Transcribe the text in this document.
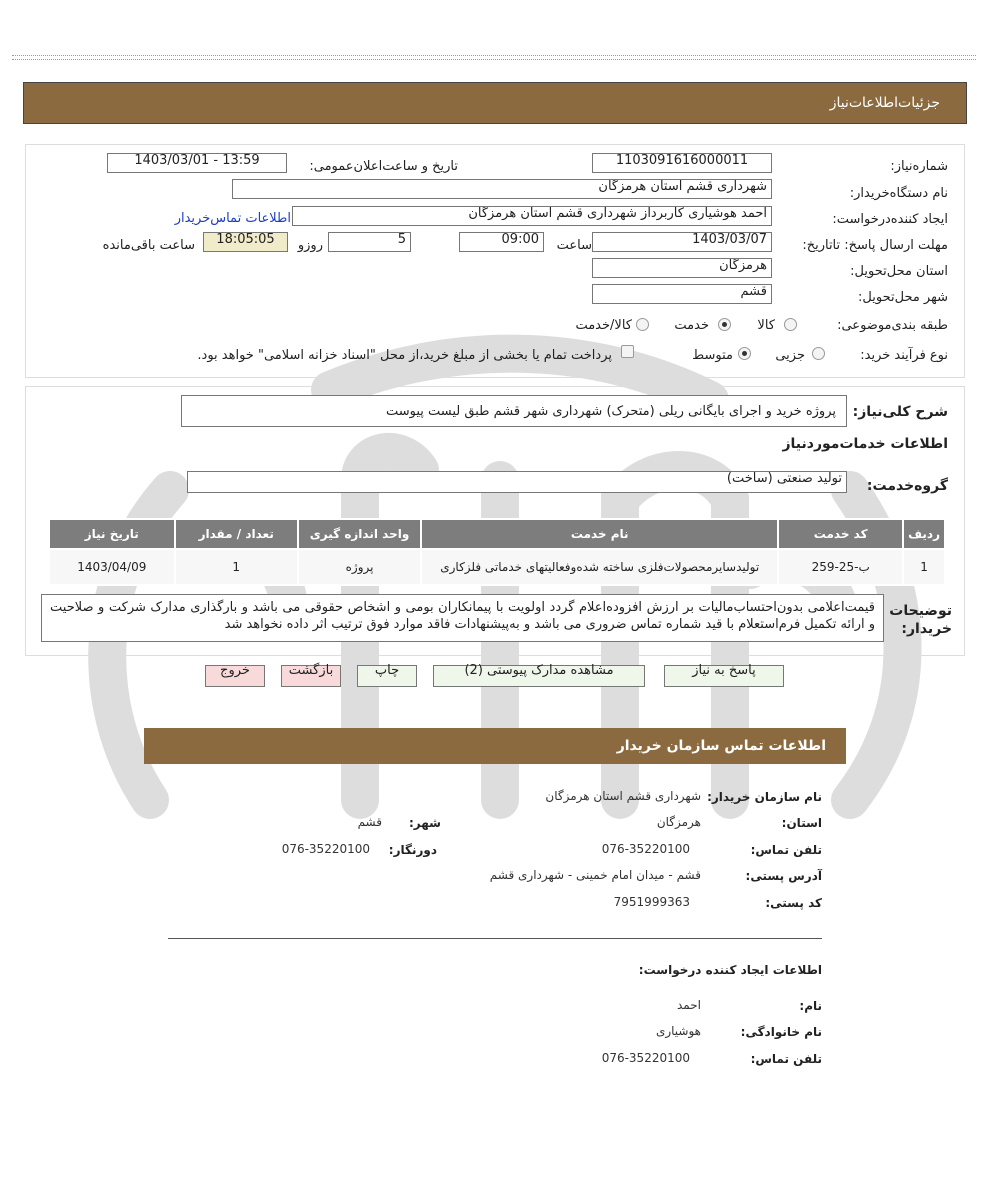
جزئیات‌اطلاعات‌نیاز
شماره‌نیاز:
1103091616000011
تاریخ و ساعت‌اعلان‌عمومی:
1403/03/01 - 13:59
نام دستگاه‌خریدار:
شهرداری قشم استان هرمزگان
ایجاد کننده‌درخواست:
احمد هوشیاری کاربرداز شهرداری قشم استان هرمزگان
اطلاعات تماس‌خریدار
مهلت ارسال پاسخ: تاتاریخ:
1403/03/07
ساعت
09:00
5
روزو
18:05:05
ساعت باقی‌مانده
استان محل‌تحویل:
هرمزگان
شهر محل‌تحویل:
قشم
طبقه بندی‌موضوعی:
کالا
خدمت
کالا/خدمت
نوع فرآیند خرید:
جزیی
متوسط
پرداخت تمام یا بخشی از مبلغ خرید،از محل "اسناد خزانه اسلامی" خواهد بود.
شرح کلی‌نیاز:
پروژه خرید و اجرای بایگانی ریلی (متحرک) شهرداری شهر قشم طبق لیست پیوست
اطلاعات خدمات‌موردنیاز
گروه‌خدمت:
تولید صنعتی (ساخت)
ردیف	کد خدمت	نام خدمت	واحد اندازه گیری	تعداد / مقدار	تاریخ نیاز
1	ب-25-259	تولیدسایرمحصولات‌فلزی ساخته شده‌وفعالیتهای خدماتی فلزکاری	پروژه	1	1403/04/09
توضیحات خریدار:
قیمت‌اعلامی بدون‌احتساب‌مالیات بر ارزش افزوده‌اعلام گردد اولویت با پیمانکاران بومی و اشخاص حقوقی می باشد و بارگذاری مدارک شرکت و صلاحیت و ارائه تکمیل فرم‌استعلام با قید شماره تماس ضروری می باشد و به‌پیشنهادات فاقد موارد فوق ترتیب اثر داده نخواهد شد
پاسخ به نیاز
مشاهده مدارک پیوستی (2)
چاپ
بازگشت
خروج
اطلاعات تماس سازمان خریدار
نام سازمان خریدار:
شهرداری قشم استان هرمزگان
استان:
هرمزگان
شهر:
قشم
تلفن تماس:
076-35220100
دورنگار:
076-35220100
آدرس پستی:
قشم - میدان امام خمینی - شهرداری قشم
کد پستی:
7951999363
اطلاعات ایجاد کننده درخواست:
نام:
احمد
نام خانوادگی:
هوشیاری
تلفن تماس:
076-35220100
